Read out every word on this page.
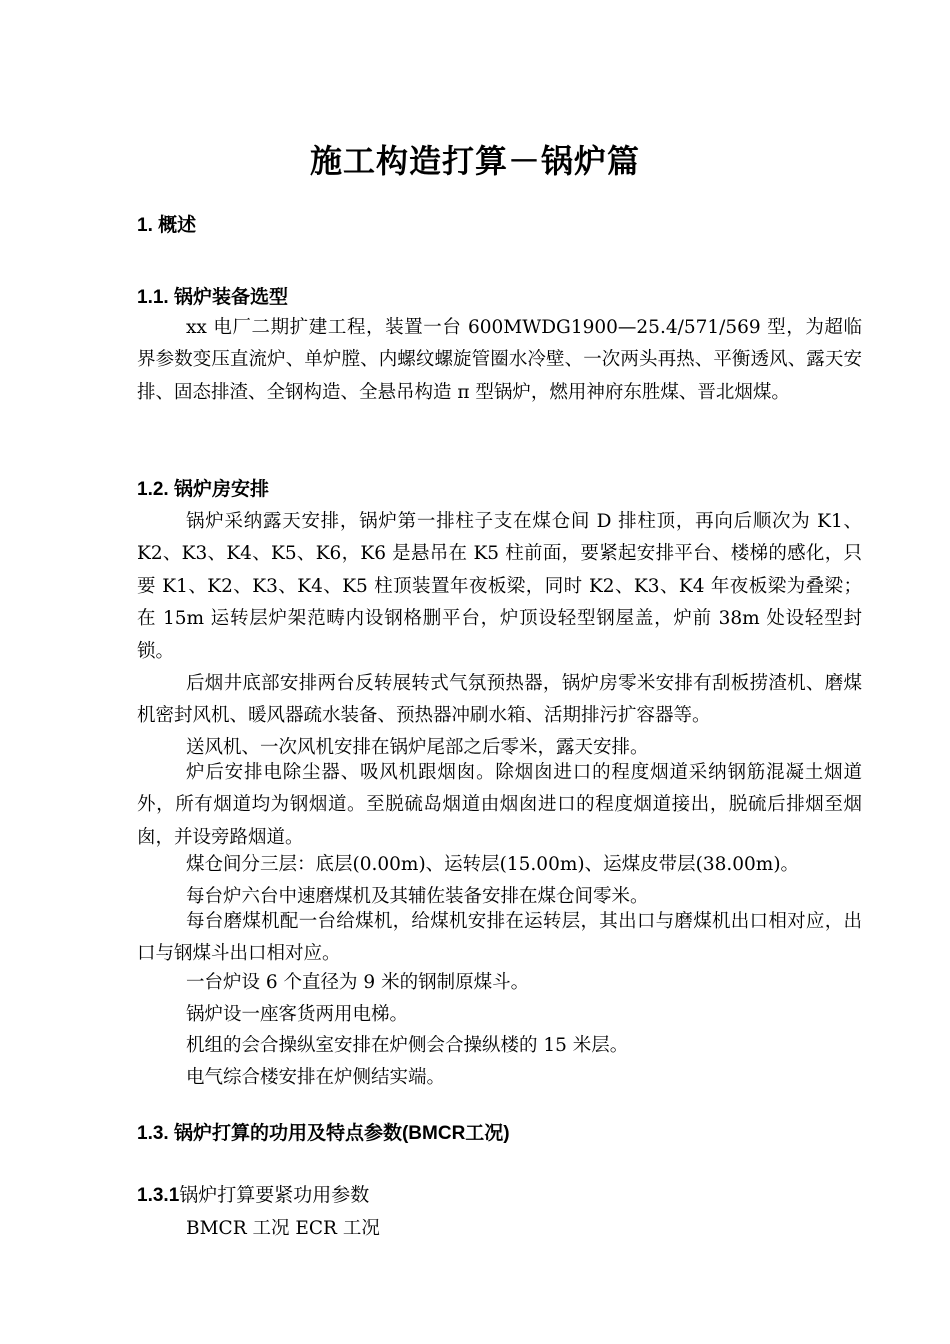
施工构造打算－锅炉篇
1. 概述
1.1. 锅炉装备选型
xx 电厂二期扩建工程，装置一台 600MWDG1900—25.4/571/569 型，为超临界参数变压直流炉、单炉膛、内螺纹螺旋管圈水冷壁、一次两头再热、平衡透风、露天安排、固态排渣、全钢构造、全悬吊构造 π 型锅炉，燃用神府东胜煤、晋北烟煤。
1.2. 锅炉房安排
锅炉采纳露天安排，锅炉第一排柱子支在煤仓间 D 排柱顶，再向后顺次为 K1、K2、K3、K4、K5、K6，K6 是悬吊在 K5 柱前面，要紧起安排平台、楼梯的感化，只要 K1、K2、K3、K4、K5 柱顶装置年夜板梁，同时 K2、K3、K4 年夜板梁为叠梁；在 15m 运转层炉架范畴内设钢格删平台，炉顶设轻型钢屋盖，炉前 38m 处设轻型封锁。
后烟井底部安排两台反转展转式气氛预热器，锅炉房零米安排有刮板捞渣机、磨煤机密封风机、暖风器疏水装备、预热器冲刷水箱、活期排污扩容器等。
送风机、一次风机安排在锅炉尾部之后零米，露天安排。
炉后安排电除尘器、吸风机跟烟囱。除烟囱进口的程度烟道采纳钢筋混凝土烟道外，所有烟道均为钢烟道。至脱硫岛烟道由烟囱进口的程度烟道接出，脱硫后排烟至烟囱，并设旁路烟道。
煤仓间分三层：底层(0.00m)、运转层(15.00m)、运煤皮带层(38.00m)。
每台炉六台中速磨煤机及其辅佐装备安排在煤仓间零米。
每台磨煤机配一台给煤机，给煤机安排在运转层，其出口与磨煤机出口相对应，出口与钢煤斗出口相对应。
一台炉设 6 个直径为 9 米的钢制原煤斗。
锅炉设一座客货两用电梯。
机组的会合操纵室安排在炉侧会合操纵楼的 15 米层。
电气综合楼安排在炉侧结实端。
1.3. 锅炉打算的功用及特点参数(BMCR工况)
1.3.1锅炉打算要紧功用参数
BMCR 工况 ECR 工况
